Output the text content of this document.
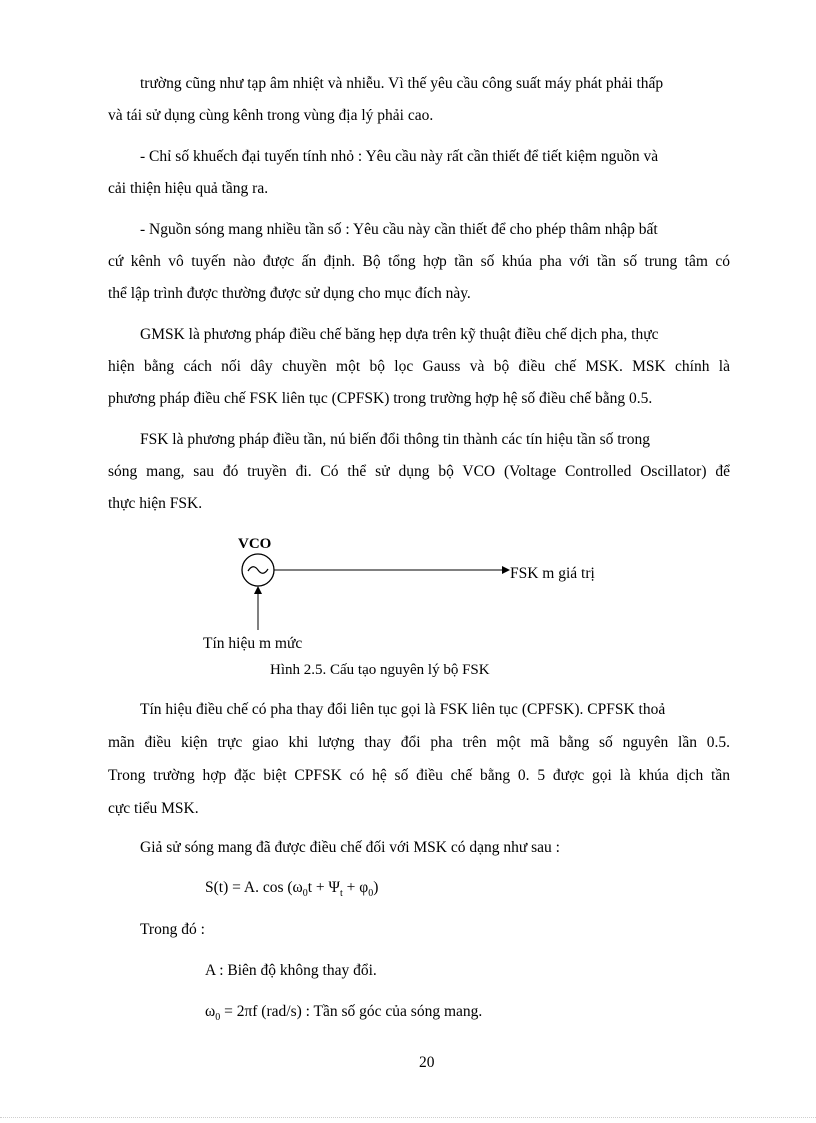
trường cũng như tạp âm nhiệt và nhiễu. Vì thế yêu cầu công suất máy phát phải thấp
và tái sử dụng cùng kênh trong vùng địa lý phải cao.
- Chỉ số khuếch đại tuyến tính nhỏ : Yêu cầu này rất cần thiết để tiết kiệm nguồn và
cải thiện hiệu quả tầng ra.
- Nguồn sóng mang nhiều tần số : Yêu cầu này cần thiết để cho phép thâm nhập bất
cứ kênh vô tuyến nào được ấn định. Bộ tổng hợp tần số khúa pha với tần số trung tâm có
thể lập trình được thường được sử dụng cho mục đích này.
GMSK là phương pháp điều chế băng hẹp dựa trên kỹ thuật điều chế dịch pha, thực
hiện bằng cách nối dây chuyền một bộ lọc Gauss và bộ điều chế MSK. MSK chính là
phương pháp điều chế FSK liên tục (CPFSK) trong trường hợp hệ số điều chế bằng 0.5.
FSK là phương pháp điều tần, nú biến đổi thông tin thành các tín hiệu tần số trong
sóng mang, sau đó truyền đi. Có thể sử dụng bộ VCO (Voltage Controlled Oscillator) để
thực hiện FSK.
VCO
FSK m giá trị
Tín hiệu m mức
Hình 2.5. Cấu tạo nguyên lý bộ FSK
Tín hiệu điều chế có pha thay đổi liên tục gọi là FSK liên tục (CPFSK). CPFSK thoả
mãn điều kiện trực giao khi lượng thay đổi pha trên một mã bằng số nguyên lần 0.5.
Trong trường hợp đặc biệt CPFSK có hệ số điều chế bằng 0. 5 được gọi là khúa dịch tần
cực tiểu MSK.
Giả sử sóng mang đã được điều chế đối với MSK có dạng như sau :
S(t) = A. $\cos (\omega_0t + \Psi_t + \varphi_0)$
Trong đó :
A : Biên độ không thay đổi.
$\omega_0 = 2\pi f$ (rad/s) : Tần số góc của sóng mang.
20
